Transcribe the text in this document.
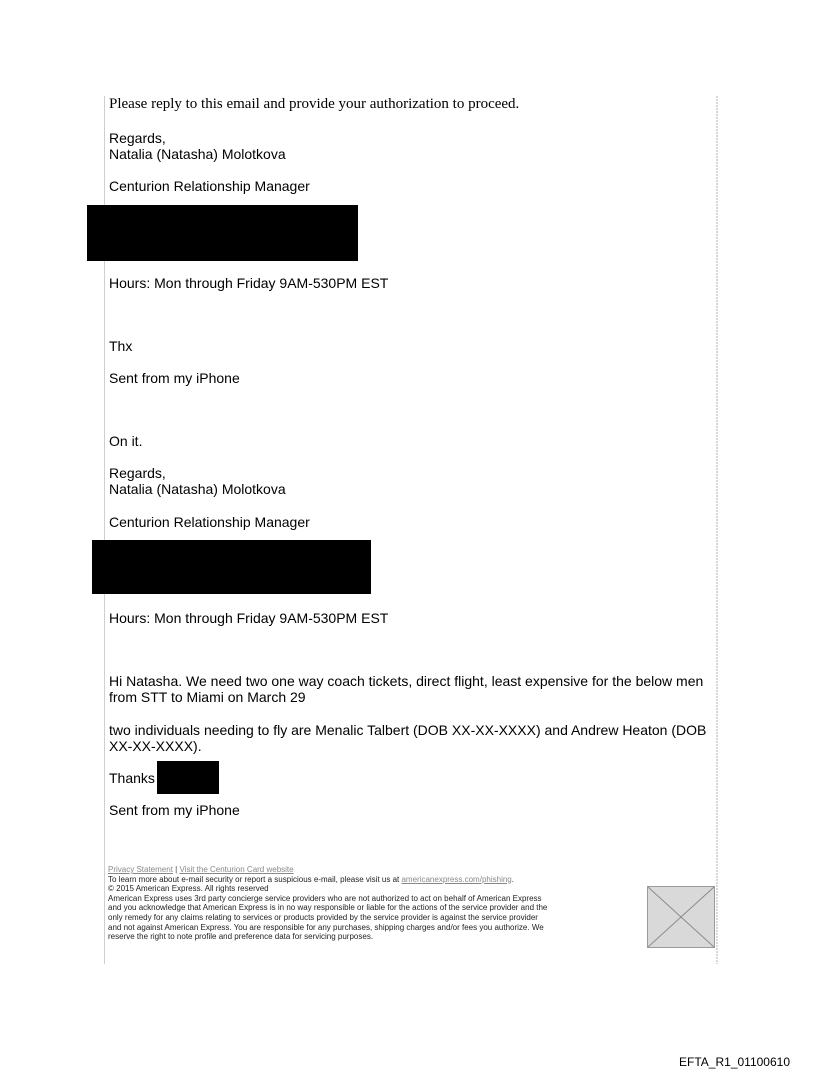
Please reply to this email and provide your authorization to proceed.
Regards,
Natalia (Natasha) Molotkova
Centurion Relationship Manager
Hours: Mon through Friday 9AM-530PM EST
Thx
Sent from my iPhone
On it.
Regards,
Natalia (Natasha) Molotkova
Centurion Relationship Manager
Hours: Mon through Friday 9AM-530PM EST
Hi Natasha. We need two one way coach tickets, direct flight, least expensive for the below men from STT to Miami on March 29
two individuals needing to fly are Menalic Talbert (DOB XX-XX-XXXX) and Andrew Heaton (DOB XX-XX-XXXX).
Thanks
Sent from my iPhone
Privacy Statement | Visit the Centurion Card website
To learn more about e-mail security or report a suspicious e-mail, please visit us at americanexpress.com/phishing.
© 2015 American Express. All rights reserved
American Express uses 3rd party concierge service providers who are not authorized to act on behalf of American Express
and you acknowledge that American Express is in no way responsible or liable for the actions of the service provider and the
only remedy for any claims relating to services or products provided by the service provider is against the service provider
and not against American Express. You are responsible for any purchases, shipping charges and/or fees you authorize. We
reserve the right to note profile and preference data for servicing purposes.
EFTA_R1_01100610
